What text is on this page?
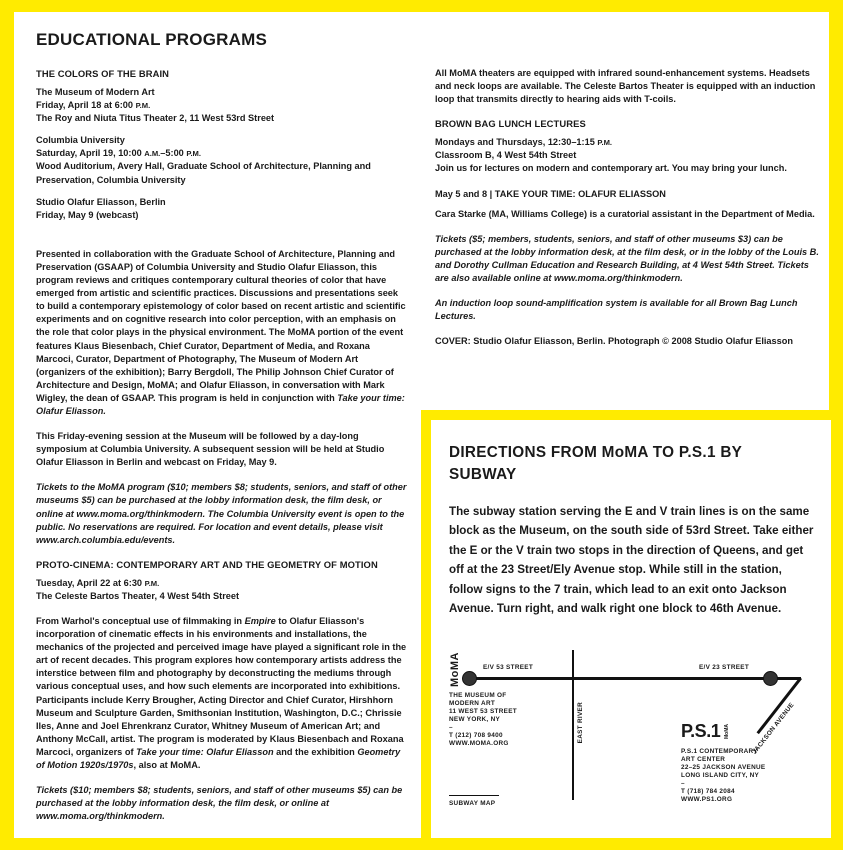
EDUCATIONAL PROGRAMS
THE COLORS OF THE BRAIN
The Museum of Modern Art
Friday, April 18 at 6:00 P.M.
The Roy and Niuta Titus Theater 2, 11 West 53rd Street
Columbia University
Saturday, April 19, 10:00 A.M.–5:00 P.M.
Wood Auditorium, Avery Hall, Graduate School of Architecture, Planning and Preservation, Columbia University
Studio Olafur Eliasson, Berlin
Friday, May 9 (webcast)

Presented in collaboration with the Graduate School of Architecture, Planning and Preservation (GSAAP) of Columbia University and Studio Olafur Eliasson, this program reviews and critiques contemporary cultural theories of color that have emerged from artistic and scientific practices. Discussions and presentations seek to build a contemporary epistemology of color based on recent artistic and scientific experiments and on cognitive research into color perception, with an emphasis on the role that color plays in the physical environment. The MoMA portion of the event features Klaus Biesenbach, Chief Curator, Department of Media, and Roxana Marcoci, Curator, Department of Photography, The Museum of Modern Art (organizers of the exhibition); Barry Bergdoll, The Philip Johnson Chief Curator of Architecture and Design, MoMA; and Olafur Eliasson, in conversation with Mark Wigley, the dean of GSAAP. This program is held in conjunction with Take your time: Olafur Eliasson.

This Friday-evening session at the Museum will be followed by a day-long symposium at Columbia University. A subsequent session will be held at Studio Olafur Eliasson in Berlin and webcast on Friday, May 9.

Tickets to the MoMA program ($10; members $8; students, seniors, and staff of other museums $5) can be purchased at the lobby information desk, the film desk, or online at www.moma.org/thinkmodern. The Columbia University event is open to the public. No reservations are required. For location and event details, please visit www.arch.columbia.edu/events.

PROTO-CINEMA: CONTEMPORARY ART AND THE GEOMETRY OF MOTION
Tuesday, April 22 at 6:30 P.M.
The Celeste Bartos Theater, 4 West 54th Street

From Warhol's conceptual use of filmmaking in Empire to Olafur Eliasson's incorporation of cinematic effects in his environments and installations, the mechanics of the projected and perceived image have played a significant role in the art of recent decades. This program explores how contemporary artists address the interstice between film and photography by deconstructing the mediums through various conceptual uses, and how such elements are incorporated into exhibitions. Participants include Kerry Brougher, Acting Director and Chief Curator, Hirshhorn Museum and Sculpture Garden, Smithsonian Institution, Washington, D.C.; Chrissie Iles, Anne and Joel Ehrenkranz Curator, Whitney Museum of American Art; and Anthony McCall, artist. The program is moderated by Klaus Biesenbach and Roxana Marcoci, organizers of Take your time: Olafur Eliasson and the exhibition Geometry of Motion 1920s/1970s, also at MoMA.

Tickets ($10; members $8; students, seniors, and staff of other museums $5) can be purchased at the lobby information desk, the film desk, or online at www.moma.org/thinkmodern.

All MoMA theaters are equipped with infrared sound-enhancement systems. Headsets and neck loops are available. The Celeste Bartos Theater is equipped with an induction loop that transmits directly to hearing aids with T-coils.

BROWN BAG LUNCH LECTURES
Mondays and Thursdays, 12:30–1:15 P.M.
Classroom B, 4 West 54th Street
Join us for lectures on modern and contemporary art. You may bring your lunch.
May 5 and 8 | TAKE YOUR TIME: OLAFUR ELIASSON

Cara Starke (MA, Williams College) is a curatorial assistant in the Department of Media.

Tickets ($5; members, students, seniors, and staff of other museums $3) can be purchased at the lobby information desk, at the film desk, or in the lobby of the Louis B. and Dorothy Cullman Education and Research Building, at 4 West 54th Street. Tickets are also available online at www.moma.org/thinkmodern.

An induction loop sound-amplification system is available for all Brown Bag Lunch Lectures.

COVER: Studio Olafur Eliasson, Berlin. Photograph © 2008 Studio Olafur Eliasson

DIRECTIONS FROM MoMA TO P.S.1 BY SUBWAY
The subway station serving the E and V train lines is on the same block as the Museum, on the south side of 53rd Street. Take either the E or the V train two stops in the direction of Queens, and get off at the 23 Street/Ely Avenue stop. While still in the station, follow signs to the 7 train, which lead to an exit onto Jackson Avenue. Turn right, and walk right one block to 46th Avenue.
MoMA	E/V 53 STREET	E/V 23 STREET
EAST RIVER	JACKSON AVENUE
THE MUSEUM OF
MODERN ART
11 WEST 53 STREET
NEW YORK, NY
–
T (212) 708 9400
WWW.MOMA.ORG
P.S.1 MoMA
P.S.1 CONTEMPORARY
ART CENTER
22–25 JACKSON AVENUE
LONG ISLAND CITY, NY
–
T (718) 784 2084
WWW.PS1.ORG
SUBWAY MAP
